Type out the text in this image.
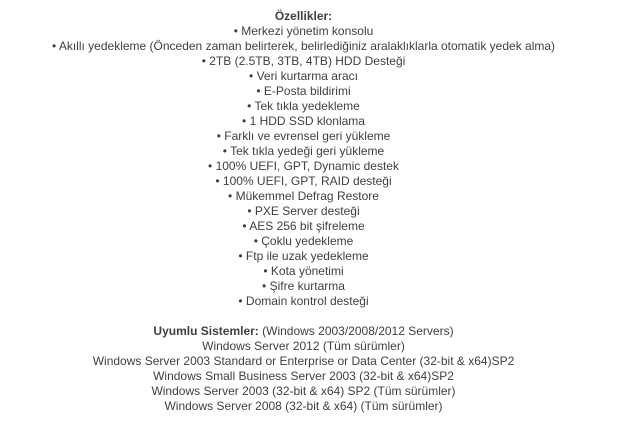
Özellikler:
• Merkezi yönetim konsolu
• Akıllı yedekleme (Önceden zaman belirterek, belirlediğiniz aralaklıklarla otomatik yedek alma)
• 2TB (2.5TB, 3TB, 4TB) HDD Desteği
• Veri kurtarma aracı
• E-Posta bildirimi
• Tek tıkla yedekleme
• 1 HDD SSD klonlama
• Farklı ve evrensel geri yükleme
• Tek tıkla yedeği geri yükleme
• 100% UEFI, GPT, Dynamic destek
• 100% UEFI, GPT, RAID desteği
• Mükemmel Defrag Restore
• PXE Server desteği
• AES 256 bit şifreleme
• Çoklu yedekleme
• Ftp ile uzak yedekleme
• Kota yönetimi
• Şifre kurtarma
• Domain kontrol desteği
Uyumlu Sistemler: (Windows 2003/2008/2012 Servers)
Windows Server 2012 (Tüm sürümler)
Windows Server 2003 Standard or Enterprise or Data Center (32-bit & x64)SP2
Windows Small Business Server 2003 (32-bit & x64)SP2
Windows Server 2003 (32-bit & x64) SP2 (Tüm sürümler)
Windows Server 2008 (32-bit & x64) (Tüm sürümler)
